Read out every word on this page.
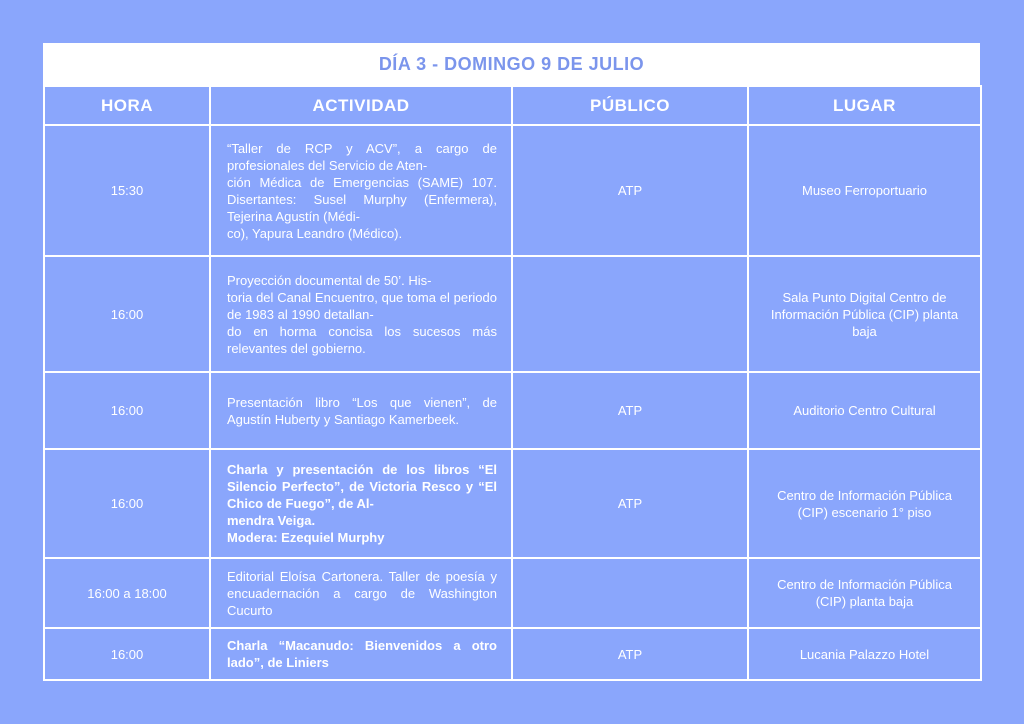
DÍA 3 - DOMINGO 9 DE JULIO
HORA	ACTIVIDAD	PÚBLICO	LUGAR
15:30	“Taller de RCP y ACV”, a cargo de profesionales del Servicio de Aten-
ción Médica de Emergencias (SAME) 107. Disertantes: Susel Murphy (Enfermera), Tejerina Agustín (Médi-
co), Yapura Leandro (Médico).	ATP	Museo Ferroportuario
16:00	Proyección documental de 50’. His-
toria del Canal Encuentro, que toma el periodo de 1983 al 1990 detallan-
do en horma concisa los sucesos más relevantes del gobierno.		Sala Punto Digital Centro de Información Pública (CIP) planta baja
16:00	Presentación libro “Los que vienen”, de Agustín Huberty y Santiago Kamerbeek.	ATP	Auditorio Centro Cultural
16:00	Charla y presentación de los libros “El Silencio Perfecto”, de Victoria Resco y “El Chico de Fuego”, de Al-
mendra Veiga.
Modera: Ezequiel Murphy	ATP	Centro de Información Pública (CIP) escenario 1° piso
16:00 a 18:00	Editorial Eloísa Cartonera. Taller de poesía y encuadernación a cargo de Washington Cucurto		Centro de Información Pública (CIP) planta baja
16:00	Charla “Macanudo: Bienvenidos a otro lado”, de Liniers	ATP	Lucania Palazzo Hotel
